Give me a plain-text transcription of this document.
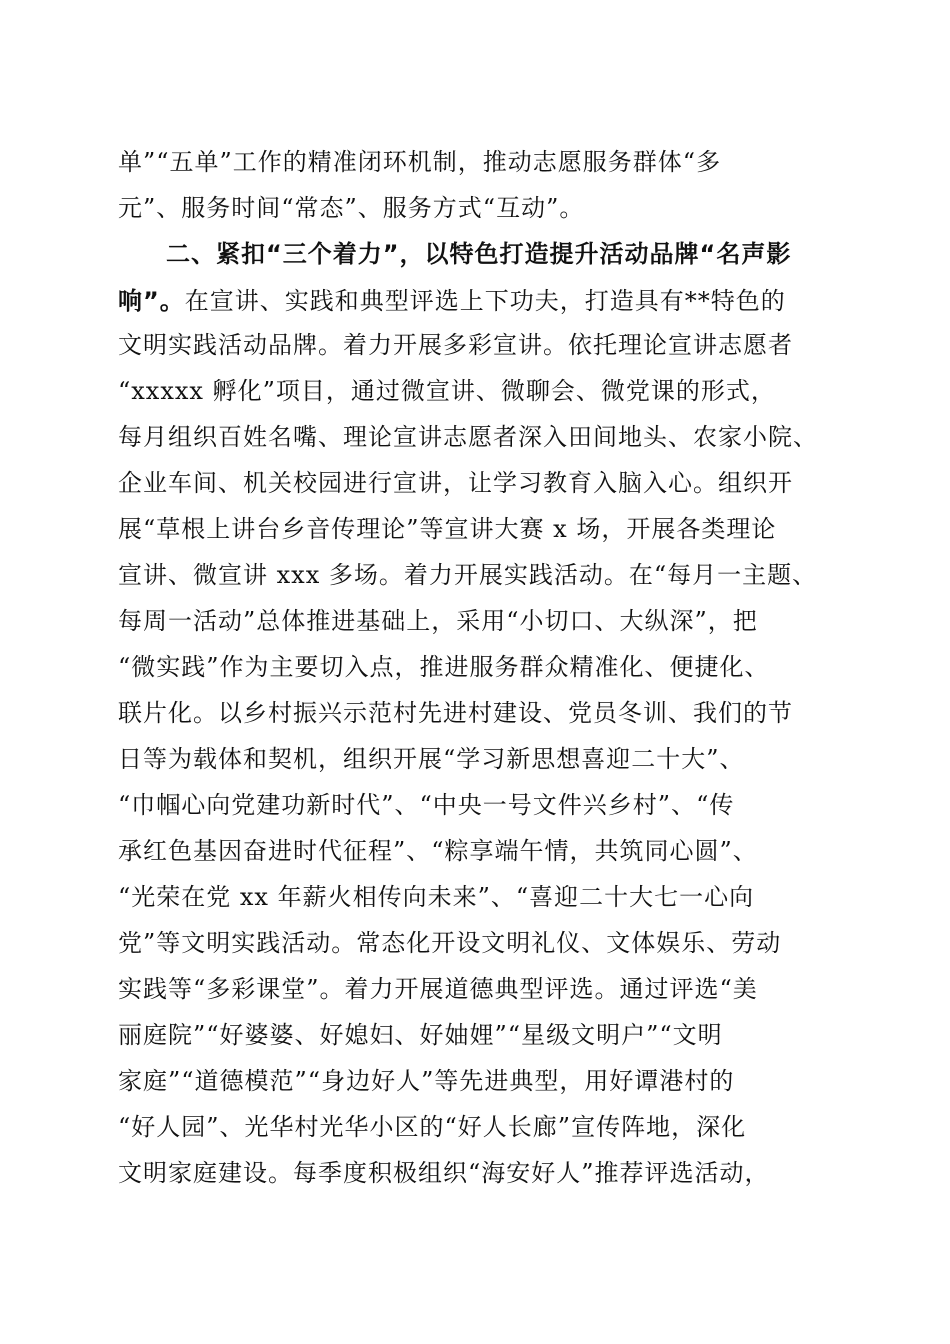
单”“五单”工作的精准闭环机制，推动志愿服务群体“多
元”、服务时间“常态”、服务方式“互动”。
二、紧扣“三个着力”，以特色打造提升活动品牌“名声影
响”。在宣讲、实践和典型评选上下功夫，打造具有**特色的
文明实践活动品牌。着力开展多彩宣讲。依托理论宣讲志愿者
“xxxxx 孵化”项目，通过微宣讲、微聊会、微党课的形式，
每月组织百姓名嘴、理论宣讲志愿者深入田间地头、农家小院、
企业车间、机关校园进行宣讲，让学习教育入脑入心。组织开
展“草根上讲台乡音传理论”等宣讲大赛 x 场，开展各类理论
宣讲、微宣讲 xxx 多场。着力开展实践活动。在“每月一主题、
每周一活动”总体推进基础上，采用“小切口、大纵深”，把
“微实践”作为主要切入点，推进服务群众精准化、便捷化、
联片化。以乡村振兴示范村先进村建设、党员冬训、我们的节
日等为载体和契机，组织开展“学习新思想喜迎二十大”、
“巾帼心向党建功新时代”、“中央一号文件兴乡村”、“传
承红色基因奋进时代征程”、“粽享端午情，共筑同心圆”、
“光荣在党 xx 年薪火相传向未来”、“喜迎二十大七一心向
党”等文明实践活动。常态化开设文明礼仪、文体娱乐、劳动
实践等“多彩课堂”。着力开展道德典型评选。通过评选“美
丽庭院”“好婆婆、好媳妇、好妯娌”“星级文明户”“文明
家庭”“道德模范”“身边好人”等先进典型，用好谭港村的
“好人园”、光华村光华小区的“好人长廊”宣传阵地，深化
文明家庭建设。每季度积极组织“海安好人”推荐评选活动，
